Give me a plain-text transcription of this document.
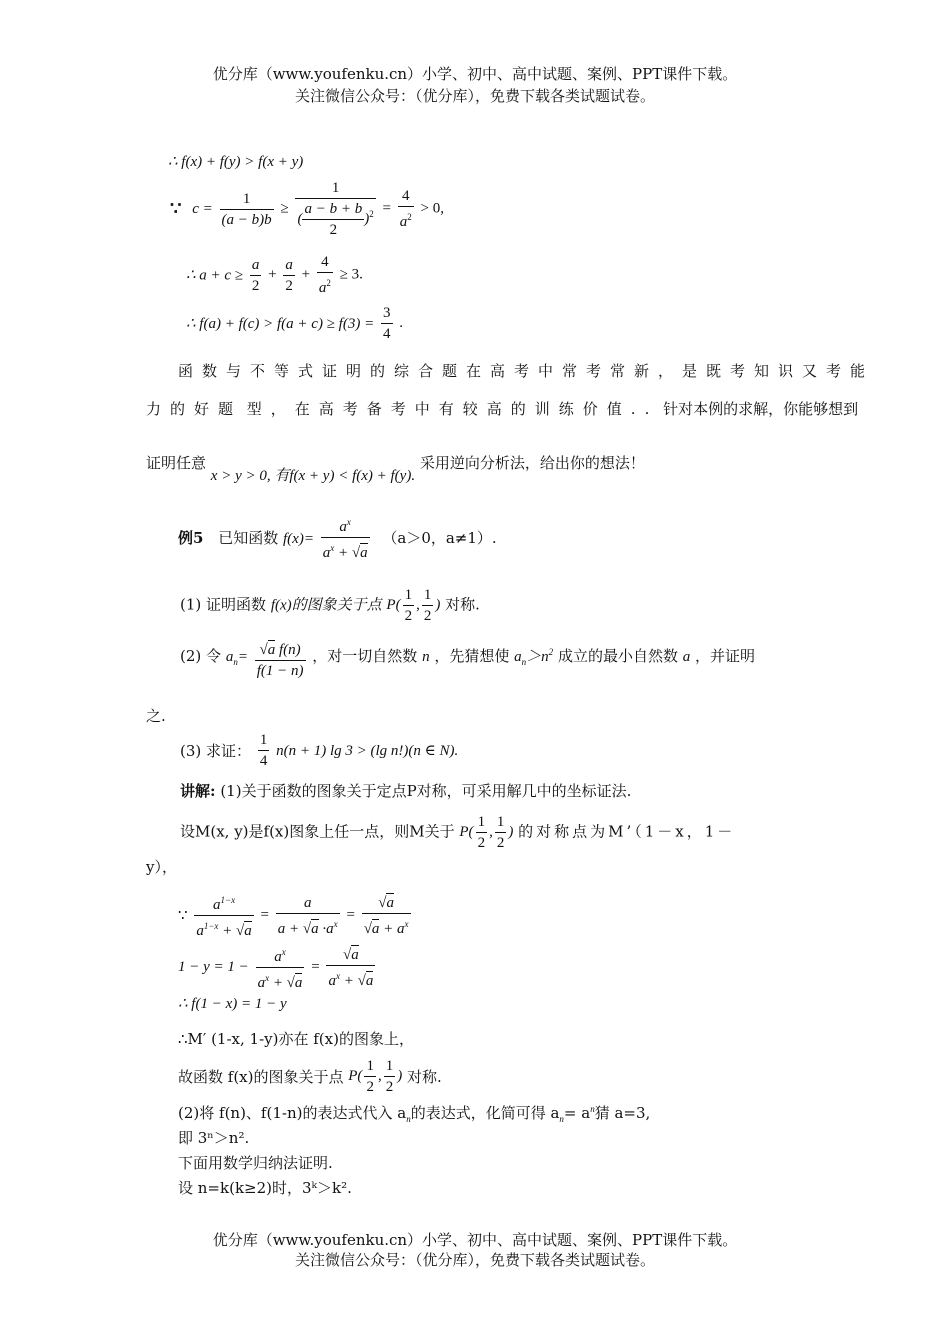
优分库（www.youfenku.cn）小学、初中、高中试题、案例、PPT课件下载。
关注微信公众号：（优分库），免费下载各类试题试卷。
∴ f(x) + f(y) > f(x + y)
∵ $c = \frac{1}{(a - b)b} \ge \frac{1}{( \frac{a - b + b}{2} )^2} = \frac{4}{a^2} > 0$,
∴ $a + c \ge \frac{a}{2} + \frac{a}{2} + \frac{4}{a^2} \ge 3$.
∴ $f(a) + f(c) > f(a + c) \ge f(3) = \frac{3}{4}$ .
函数与不等式证明的综合题在高考中常考常新，是既考知识又考能
力的好题 型，在高考备考中有较高的训练价值.. 针对本例的求解，你能够想到
证明任意 x > y > 0, 有f(x + y) < f(x) + f(y). 采用逆向分析法，给出你的想法！
例5 已知函数 $f(x)= \frac{a^x}{a^x + √a} (a>0$，a≠1）.
(1) 证明函数 f(x)的图象关于点 $P( \frac{1}{2}$ , $\frac{1}{2}$ ) 对称.
(2) 令 $a_n= \frac{\text{√a f(n)}}{f(1 - n)}$ ，对一切自然数 n ，先猜想使 $a_n>n^2$ 成立的最小自然数 a ，并证明
之.
(3) 求证： $\frac{1}{4} n(n + 1)$ lg 3 > (lg n!)(n ∈ N).
讲解: (1)关于函数的图象关于定点P对称，可采用解几中的坐标证法.
设M(x, y)是f(x)图象上任一点，则M关于 $P( \frac{1}{2}$ , $\frac{1}{2}$ ) 的对称点为M’（1－x，1－
y），
∵ $\frac{a^{1-x}}{a^{1-x} + √a} = \frac{a}{a + √a \cdot a^x} = \frac{√a}{√a + a^x}$
$1 - y = 1 - \frac{a^x}{a^x + √a} = \frac{√a}{a^x + √a}$
∴ f(1 − x) = 1 − y
∴M′ (1-x, 1-y)亦在 f(x)的图象上，
故函数 f(x)的图象关于点 $P( \frac{1}{2}$ , $\frac{1}{2}$ ) 对称.
(2)将 f(n)、f(1-n)的表达式代入 $a_n$的表达式，化简可得 $a_n= a^n$猜 a=3,
即 3ⁿ＞n².
下面用数学归纳法证明.
设 n=k(k≥2)时，3ᵏ＞k².
优分库（www.youfenku.cn）小学、初中、高中试题、案例、PPT课件下载。
关注微信公众号：（优分库），免费下载各类试题试卷。
